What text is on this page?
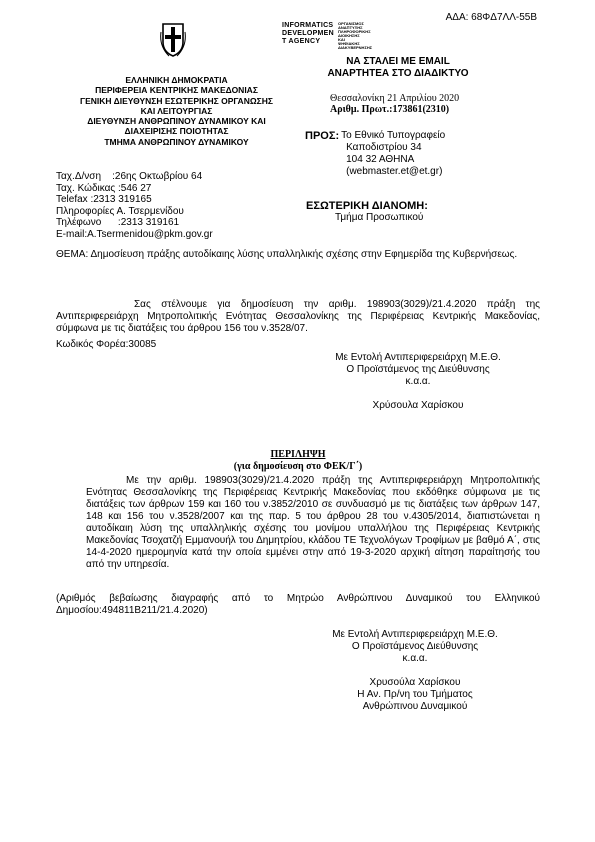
ΑΔΑ: 68ΦΔ7ΛΛ-55Β
INFORMATICS
DEVELOPMEN
T AGENCY
ΟΡΓΑΝΙΣΜΟΣ
ΑΝΑΠΤΥΞΗΣ
ΠΛΗΡΟΦΟΡΙΚΗΣ
ΔΙΟΙΚΗΣΗΣ
ΚΑΙ
ΨΗΦΙΑΚΗΣ
ΔΙΑΚΥΒΕΡΝΗΣΗΣ
ΝΑ ΣΤΑΛΕΙ ΜΕ EMAIL
ΑΝΑΡΤΗΤΕΑ ΣΤΟ ΔΙΑΔΙΚΤΥΟ
ΕΛΛΗΝΙΚΗ ΔΗΜΟΚΡΑΤΙΑ
ΠΕΡΙΦΕΡΕΙΑ ΚΕΝΤΡΙΚΗΣ ΜΑΚΕΔΟΝΙΑΣ
ΓΕΝΙΚΗ ΔΙΕΥΘΥΝΣΗ ΕΣΩΤΕΡΙΚΗΣ ΟΡΓΑΝΩΣΗΣ
ΚΑΙ ΛΕΙΤΟΥΡΓΙΑΣ
ΔΙΕΥΘΥΝΣΗ ΑΝΘΡΩΠΙΝΟΥ ΔΥΝΑΜΙΚΟΥ ΚΑΙ
ΔΙΑΧΕΙΡΙΣΗΣ ΠΟΙΟΤΗΤΑΣ
ΤΜΗΜΑ ΑΝΘΡΩΠΙΝΟΥ ΔΥΝΑΜΙΚΟΥ
Θεσσαλονίκη 21 Απριλίου 2020
Αριθμ. Πρωτ.:173861(2310)
ΠΡΟΣ: Το Εθνικό Τυπογραφείο
Καποδιστρίου 34
104 32 ΑΘΗΝΑ
(webmaster.et@et.gr)
ΕΣΩΤΕΡΙΚΗ ΔΙΑΝΟΜΗ:
Τμήμα Προσωπικού
Ταχ.Δ/νση    :26ης Οκτωβρίου 64
Ταχ. Κώδικας :546 27
Telefax :2313 319165
Πληροφορίες Α. Τσερμενίδου
Τηλέφωνο      :2313 319161
E-mail:A.Tsermenidou@pkm.gov.gr
ΘΕΜΑ: Δημοσίευση πράξης αυτοδίκαιης λύσης υπαλληλικής σχέσης στην Εφημερίδα της Κυβερνήσεως.
Σας στέλνουμε για δημοσίευση την αριθμ. 198903(3029)/21.4.2020 πράξη της Αντιπεριφερειάρχη Μητροπολιτικής Ενότητας Θεσσαλονίκης της Περιφέρειας Κεντρικής Μακεδονίας, σύμφωνα με τις διατάξεις του άρθρου 156 του ν.3528/07.
Κωδικός Φορέα:30085
Με Εντολή Αντιπεριφερειάρχη Μ.Ε.Θ.
Ο Προϊστάμενος της Διεύθυνσης
κ.α.α.
Χρύσουλα Χαρίσκου
ΠΕΡΙΛΗΨΗ
(για δημοσίευση στο ΦΕΚ/Γ΄)
Με την αριθμ. 198903(3029)/21.4.2020 πράξη της Αντιπεριφερειάρχη Μητροπολιτικής Ενότητας Θεσσαλονίκης της Περιφέρειας Κεντρικής Μακεδονίας που εκδόθηκε σύμφωνα με τις διατάξεις των άρθρων 159 και 160 του ν.3852/2010 σε συνδυασμό με τις διατάξεις των άρθρων 147, 148 και 156 του ν.3528/2007 και της παρ. 5 του άρθρου 28 του ν.4305/2014, διαπιστώνεται η αυτοδίκαιη λύση της υπαλληλικής σχέσης του μονίμου υπαλλήλου της Περιφέρειας Κεντρικής Μακεδονίας Τσοχατζή Εμμανουήλ του Δημητρίου, κλάδου ΤΕ Τεχνολόγων Τροφίμων με βαθμό Α΄, στις 14-4-2020 ημερομηνία κατά την οποία εμμένει στην από 19-3-2020 αρχική αίτηση παραίτησής του από την υπηρεσία.
(Αριθμός βεβαίωσης διαγραφής από το Μητρώο Ανθρώπινου Δυναμικού του Ελληνικού Δημοσίου:494811Β211/21.4.2020)
Με Εντολή Αντιπεριφερειάρχη Μ.Ε.Θ.
Ο Προϊστάμενος Διεύθυνσης
κ.α.α.
Χρυσούλα Χαρίσκου
Η Αν. Πρ/νη του Τμήματος
Ανθρώπινου Δυναμικού
